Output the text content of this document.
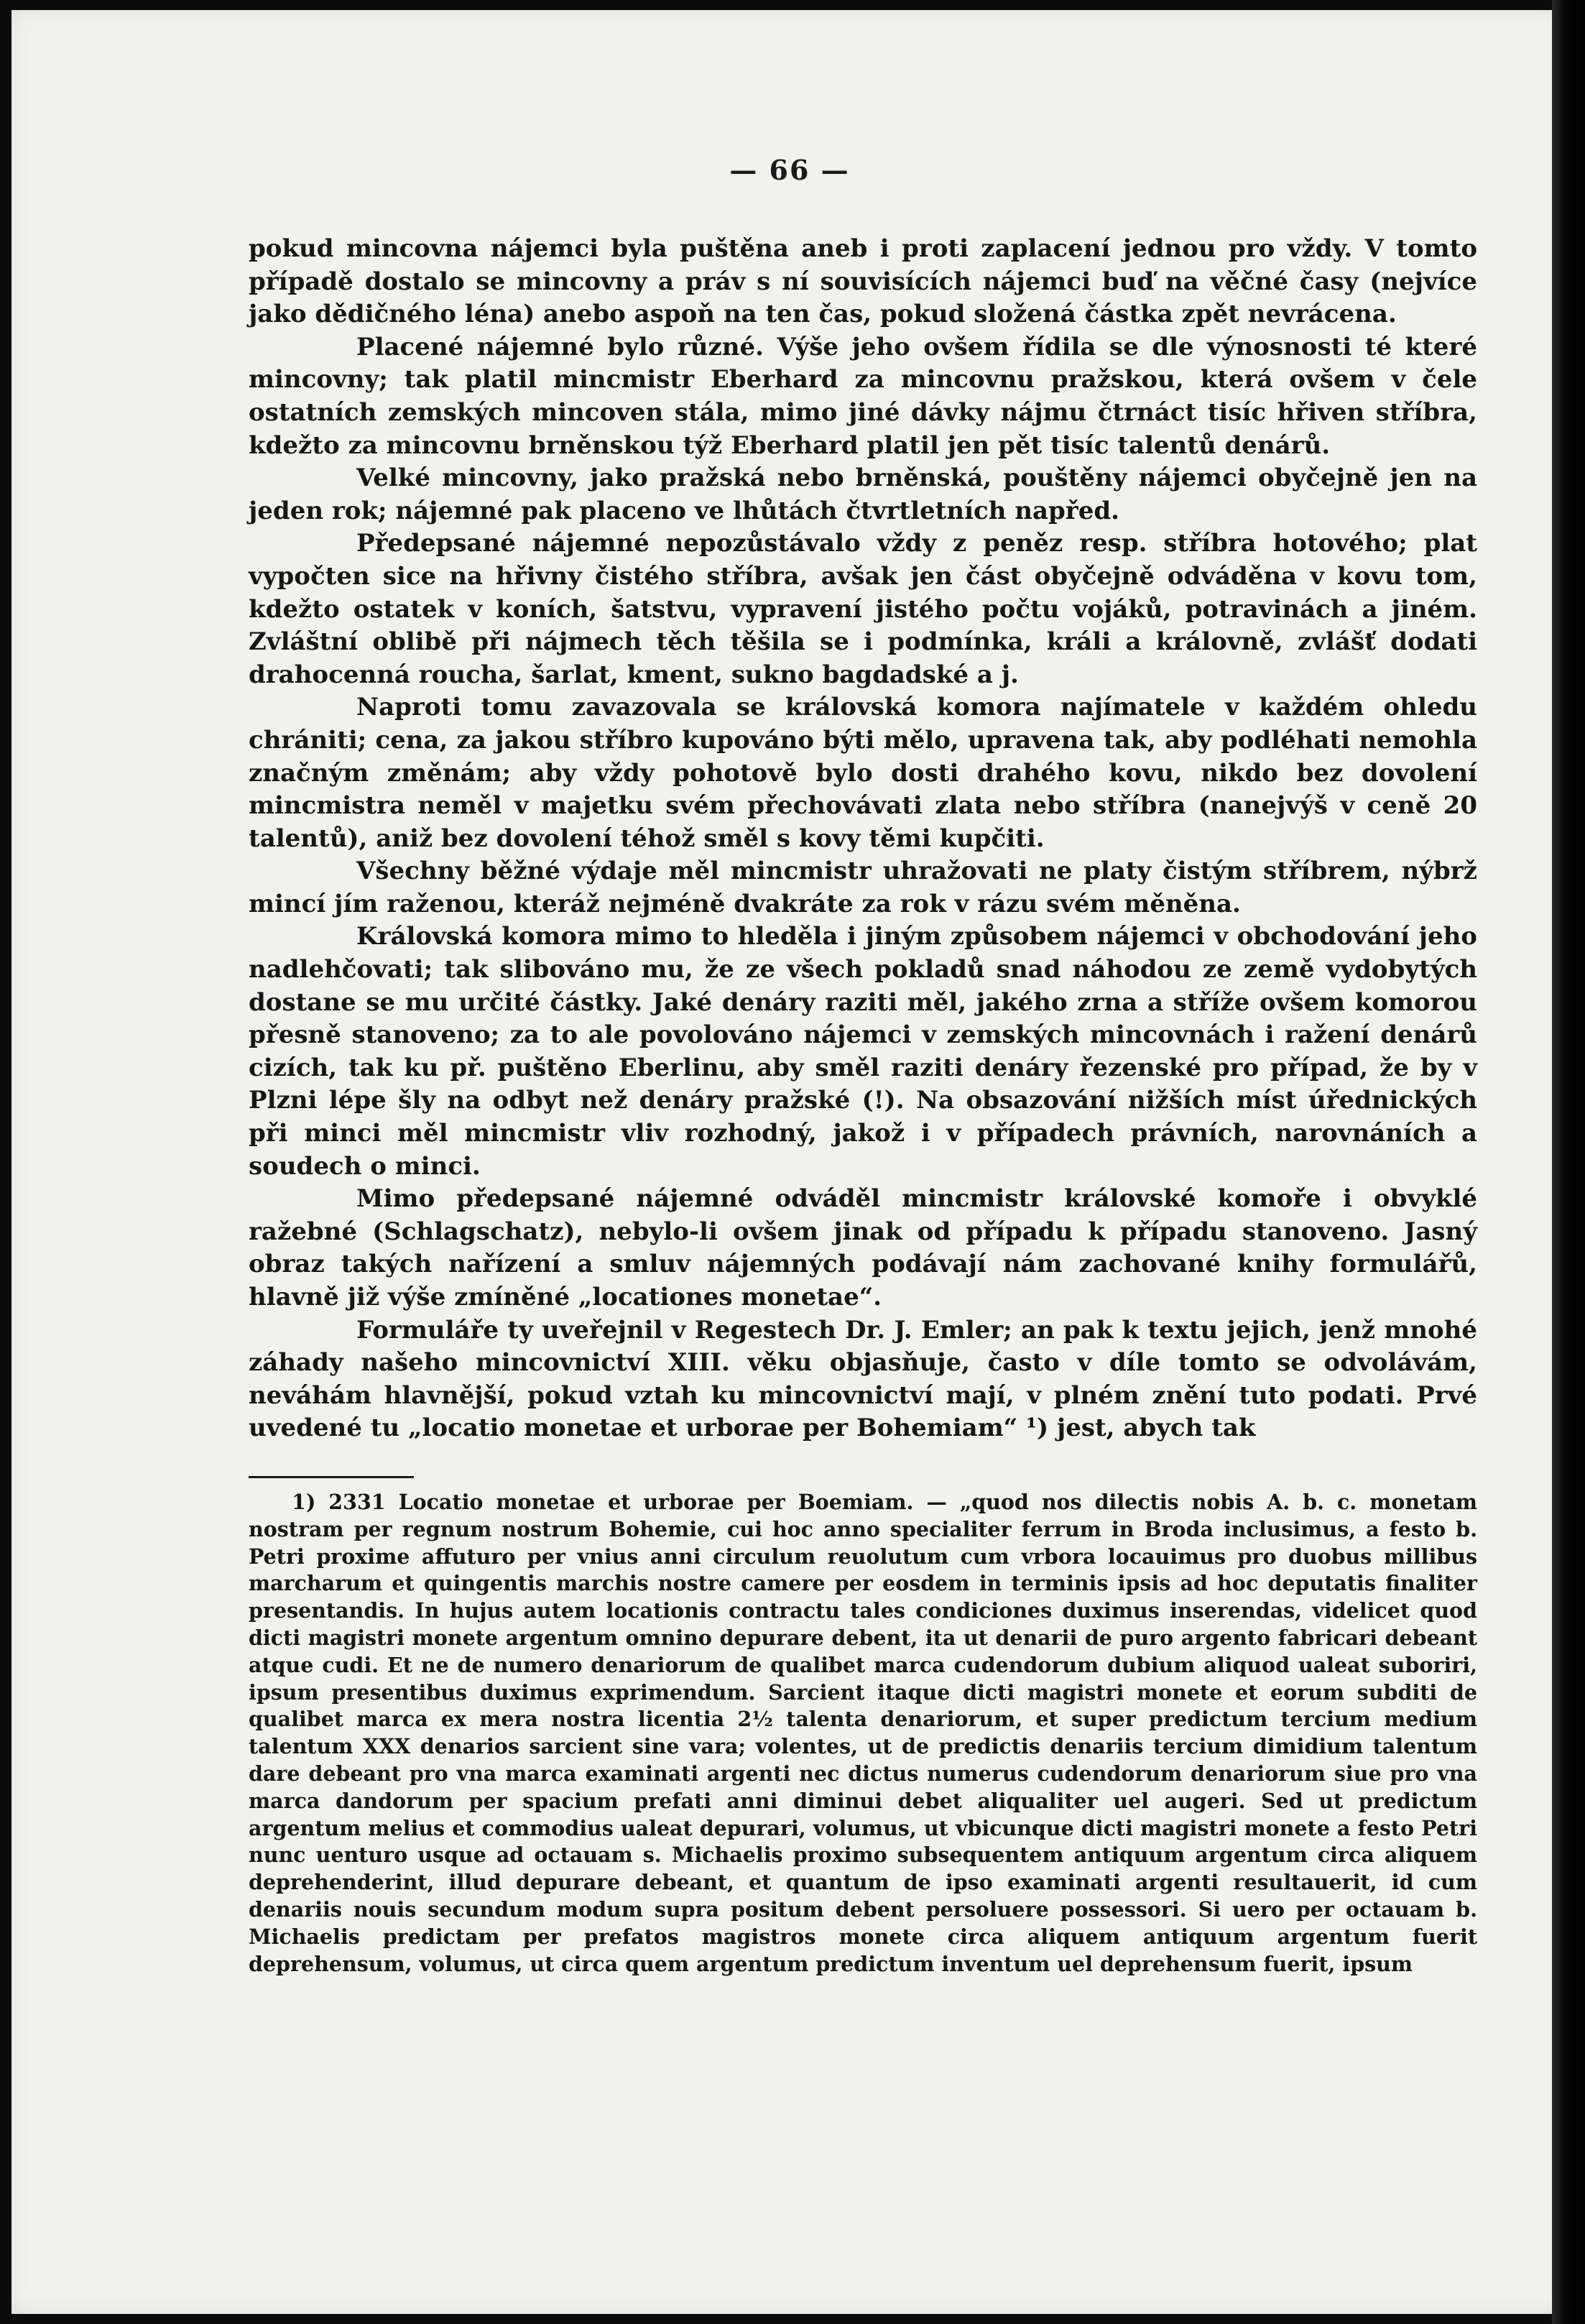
— 66 —

pokud mincovna nájemci byla puštěna aneb i proti zaplacení jednou pro vždy. V tomto případě dostalo se mincovny a práv s ní souvisících nájemci buď na věčné časy (nejvíce jako dědičného léna) anebo aspoň na ten čas, pokud složená částka zpět nevrácena.

Placené nájemné bylo různé. Výše jeho ovšem řídila se dle výnosnosti té které mincovny; tak platil mincmistr Eberhard za mincovnu pražskou, která ovšem v čele ostatních zemských mincoven stála, mimo jiné dávky nájmu čtrnáct tisíc hřiven stříbra, kdežto za mincovnu brněnskou týž Eberhard platil jen pět tisíc talentů denárů.

Velké mincovny, jako pražská nebo brněnská, pouštěny nájemci obyčejně jen na jeden rok; nájemné pak placeno ve lhůtách čtvrtletních napřed.

Předepsané nájemné nepozůstávalo vždy z peněz resp. stříbra hotového; plat vypočten sice na hřivny čistého stříbra, avšak jen část obyčejně odváděna v kovu tom, kdežto ostatek v koních, šatstvu, vypravení jistého počtu vojáků, potravinách a jiném. Zvláštní oblibě při nájmech těch těšila se i podmínka, králi a královně, zvlášť dodati drahocenná roucha, šarlat, kment, sukno bagdadské a j.

Naproti tomu zavazovala se královská komora najímatele v každém ohledu chrániti; cena, za jakou stříbro kupováno býti mělo, upravena tak, aby podléhati nemohla značným změnám; aby vždy pohotově bylo dosti drahého kovu, nikdo bez dovolení mincmistra neměl v majetku svém přechovávati zlata nebo stříbra (nanejvýš v ceně 20 talentů), aniž bez dovolení téhož směl s kovy těmi kupčiti.

Všechny běžné výdaje měl mincmistr uhražovati ne platy čistým stříbrem, nýbrž mincí jím raženou, kteráž nejméně dvakráte za rok v rázu svém měněna.

Královská komora mimo to hleděla i jiným způsobem nájemci v obchodování jeho nadlehčovati; tak slibováno mu, že ze všech pokladů snad náhodou ze země vydobytých dostane se mu určité částky. Jaké denáry raziti měl, jakého zrna a stříže ovšem komorou přesně stanoveno; za to ale povolováno nájemci v zemských mincovnách i ražení denárů cizích, tak ku př. puštěno Eberlinu, aby směl raziti denáry řezenské pro případ, že by v Plzni lépe šly na odbyt než denáry pražské (!). Na obsazování nižších míst úřednických při minci měl mincmistr vliv rozhodný, jakož i v případech právních, narovnáních a soudech o minci.

Mimo předepsané nájemné odváděl mincmistr královské komoře i obvyklé ražebné (Schlagschatz), nebylo-li ovšem jinak od případu k případu stanoveno. Jasný obraz takých nařízení a smluv nájemných podávají nám zachované knihy formulářů, hlavně již výše zmíněné „locationes monetae“.

Formuláře ty uveřejnil v Regestech Dr. J. Emler; an pak k textu jejich, jenž mnohé záhady našeho mincovnictví XIII. věku objasňuje, často v díle tomto se odvolávám, neváhám hlavnější, pokud vztah ku mincovnictví mají, v plném znění tuto podati. Prvé uvedené tu „locatio monetae et urborae per Bohemiam“ ¹) jest, abych tak

1) 2331 Locatio monetae et urborae per Boemiam. — „quod nos dilectis nobis A. b. c. monetam nostram per regnum nostrum Bohemie, cui hoc anno specialiter ferrum in Broda inclusimus, a festo b. Petri proxime affuturo per vnius anni circulum reuolutum cum vrbora locauimus pro duobus millibus marcharum et quingentis marchis nostre camere per eosdem in terminis ipsis ad hoc deputatis finaliter presentandis. In hujus autem locationis contractu tales condiciones duximus inserendas, videlicet quod dicti magistri monete argentum omnino depurare debent, ita ut denarii de puro argento fabricari debeant atque cudi. Et ne de numero denariorum de qualibet marca cudendorum dubium aliquod ualeat suboriri, ipsum presentibus duximus exprimendum. Sarcient itaque dicti magistri monete et eorum subditi de qualibet marca ex mera nostra licentia 2½ talenta denariorum, et super predictum tercium medium talentum XXX denarios sarcient sine vara; volentes, ut de predictis denariis tercium dimidium talentum dare debeant pro vna marca examinati argenti nec dictus numerus cudendorum denariorum siue pro vna marca dandorum per spacium prefati anni diminui debet aliqualiter uel augeri. Sed ut predictum argentum melius et commodius ualeat depurari, volumus, ut vbicunque dicti magistri monete a festo Petri nunc uenturo usque ad octauam s. Michaelis proximo subsequentem antiquum argentum circa aliquem deprehenderint, illud depurare debeant, et quantum de ipso examinati argenti resultauerit, id cum denariis nouis secundum modum supra positum debent persoluere possessori. Si uero per octauam b. Michaelis predictam per prefatos magistros monete circa aliquem antiquum argentum fuerit deprehensum, volumus, ut circa quem argentum predictum inventum uel deprehensum fuerit, ipsum
